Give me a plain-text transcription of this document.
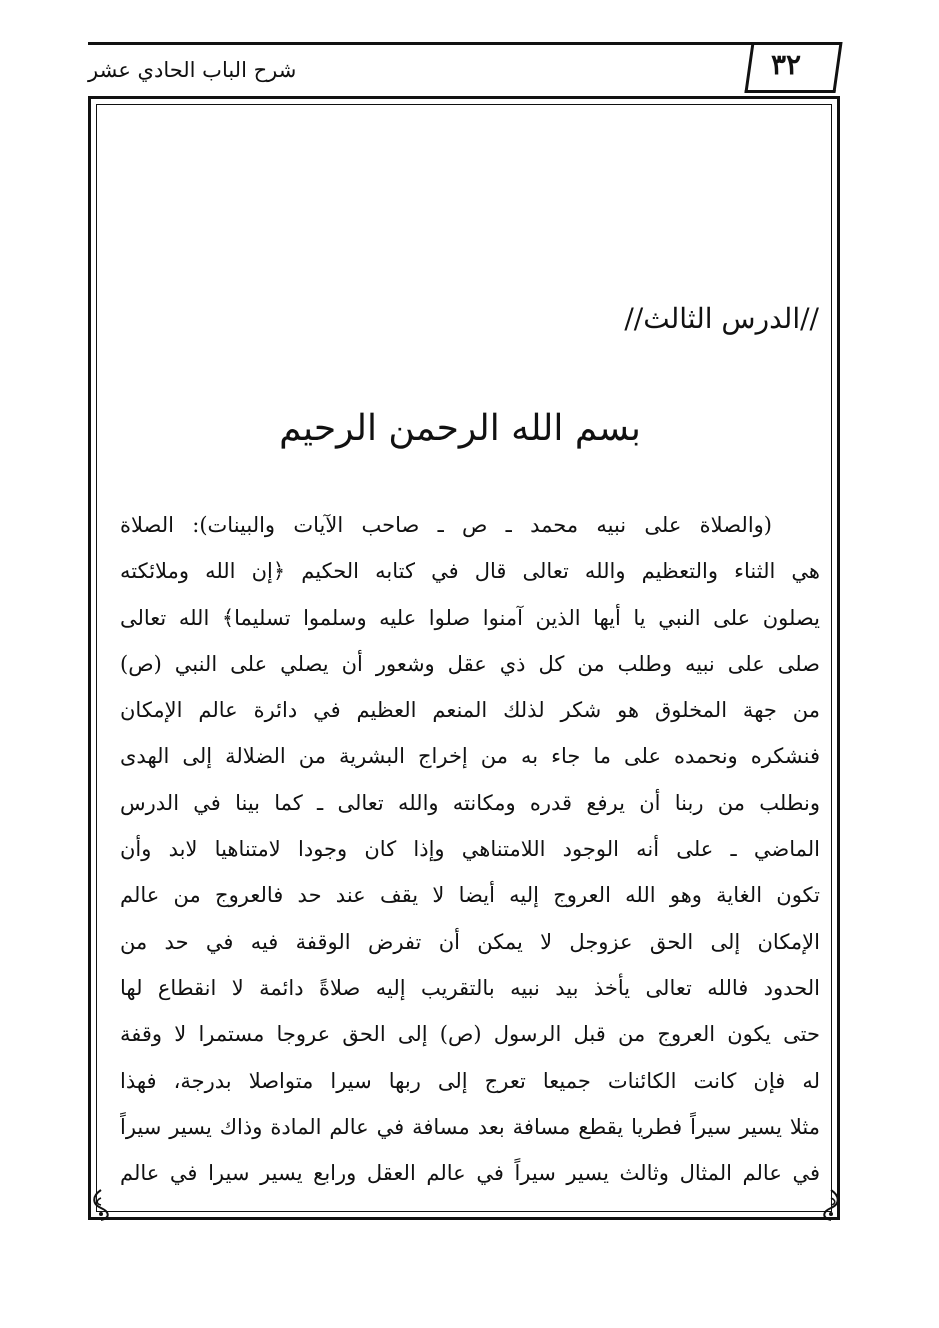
٣٢
شرح الباب الحادي عشر
//الدرس الثالث//
بسم الله الرحمن الرحيم
(والصلاة على نبيه محمد ـ ص ـ صاحب الآيات والبينات): الصلاة
هي الثناء والتعظيم والله تعالى قال في كتابه الحكيم ﴿إن الله وملائكته
يصلون على النبي يا أيها الذين آمنوا صلوا عليه وسلموا تسليما﴾ الله تعالى
صلى على نبيه وطلب من كل ذي عقل وشعور أن يصلي على النبي (ص)
من جهة المخلوق هو شكر لذلك المنعم العظيم في دائرة عالم الإمكان
فنشكره ونحمده على ما جاء به من إخراج البشرية من الضلالة إلى الهدى
ونطلب من ربنا أن يرفع قدره ومكانته والله تعالى ـ كما بينا في الدرس
الماضي ـ على أنه الوجود اللامتناهي وإذا كان وجودا لامتناهيا لابد وأن
تكون الغاية وهو الله العروج إليه أيضا لا يقف عند حد فالعروج من عالم
الإمكان إلى الحق عزوجل لا يمكن أن تفرض الوقفة فيه في حد من
الحدود فالله تعالى يأخذ بيد نبيه بالتقريب إليه صلاةً دائمة لا انقطاع لها
حتى يكون العروج من قبل الرسول (ص) إلى الحق عروجا مستمرا لا وقفة
له فإن كانت الكائنات جميعا تعرج إلى ربها سيرا متواصلا بدرجة، فهذا
مثلا يسير سيراً فطريا يقطع مسافة بعد مسافة في عالم المادة وذاك يسير سيراً
في عالم المثال وثالث يسير سيراً في عالم العقل ورابع يسير سيرا في عالم
